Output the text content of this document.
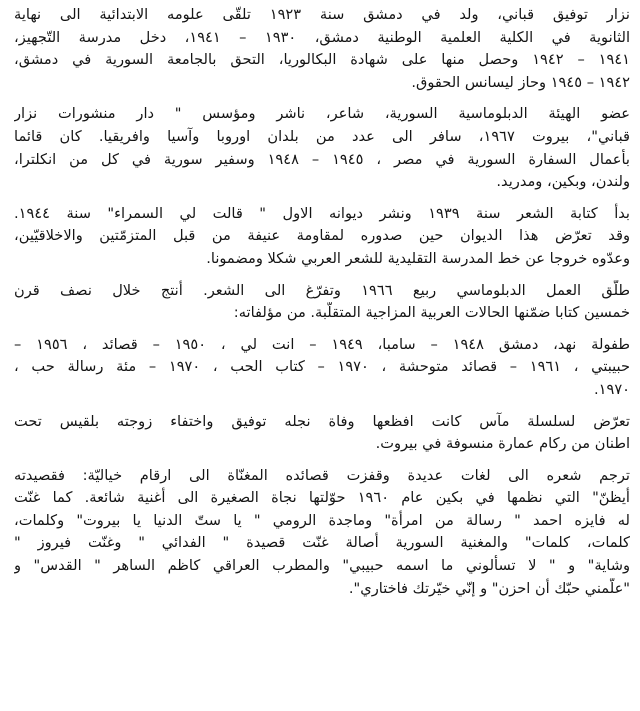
نزار توفيق قباني، ولد في دمشق سنة ١٩٢٣ تلقّى علومه الابتدائية الى نهاية
الثانوية في الكلية العلمية الوطنية دمشق، ١٩٣٠ – ١٩٤١، دخل مدرسة التّجهيز،
١٩٤١ – ١٩٤٢ وحصل منها على شهادة البكالوريا، التحق بالجامعة السورية في دمشق،
١٩٤٢ – ١٩٤٥ وحاز ليسانس الحقوق.

عضو الهيئة الدبلوماسية السورية، شاعر، ناشر ومؤسس " دار منشورات نزار
قباني"، بيروت ١٩٦٧، سافر الى عدد من بلدان اوروبا وآسيا وافريقيا. كان قائما
بأعمال السفارة السورية في مصر ، ١٩٤٥ – ١٩٤٨ وسفير سورية في كل من انكلترا،
ولندن، وبكين، ومدريد.

بدأ كتابة الشعر سنة ١٩٣٩ ونشر ديوانه الاول " قالت لي السمراء" سنة ١٩٤٤.
وقد تعرّض هذا الديوان حين صدوره لمقاومة عنيفة من قبل المتزمّتين والاخلاقيّين،
وعدّوه خروجا عن خط المدرسة التقليدية للشعر العربي شكلا ومضمونا.

طلّق العمل الدبلوماسي ربيع ١٩٦٦ وتفرّغ الى الشعر. أنتج خلال نصف قرن
خمسين كتابا ضمّنها الحالات العربية المزاجية المتقلّبة. من مؤلفاته:

طفولة نهد، دمشق ١٩٤٨ – سامبا، ١٩٤٩ – انت لي ، ١٩٥٠ – قصائد ، ١٩٥٦ –
حبيبتي ، ١٩٦١ – قصائد متوحشة ، ١٩٧٠ – كتاب الحب ، ١٩٧٠ – مئة رسالة حب ،
١٩٧٠.

تعرّض لسلسلة مآس كانت افظعها وفاة نجله توفيق واختفاء زوجته بلقيس تحت
اطنان من ركام عمارة منسوفة في بيروت.

ترجم شعره الى لغات عديدة وقفزت قصائده المغنّاة الى ارقام خياليّة: فقصيدته
أيظنّ" التي نظمها في بكين عام ١٩٦٠ حوّلتها نجاة الصغيرة الى أغنية شائعة. كما غنّت
له فايزه احمد " رسالة من امرأة" وماجدة الرومي " يا ستّ الدنيا يا بيروت" وكلمات،
كلمات، كلمات" والمغنية السورية أصالة غنّت قصيدة " الفدائي " وغنّت فيروز "
وشاية" و " لا تسألوني ما اسمه حبيبي" والمطرب العراقي كاظم الساهر " القدس" و
"علّمني حبّك أن احزن" و إنّي خيّرتك فاختاري".
